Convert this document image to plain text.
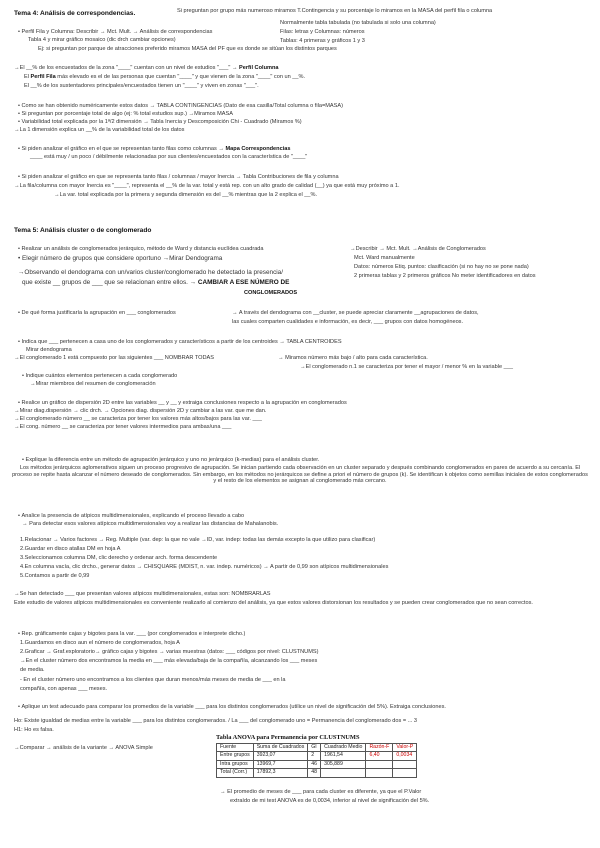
Tema 4: Análisis de correspondencias.	Si preguntan por grupo más numeroso miramos T.Contingencia y su porcentaje lo miramos en la MASA del perfil fila o columna
Normalmente tabla tabulada (no tabulada si solo una columna)
Filas: letras y Columnas: números
Tablas: 4 primeras y gráficos 1 y 3
• Perfil Fila y Columna: Describir → Mct. Mult. → Análisis de correspondencias
Tabla 4 y mirar gráfico mosaico (dic drch cambiar opciones)
Ej: si preguntan por parque de atracciones preferido miramos MASA del PF que es donde se sitúan los distintos parques
→El __% de los encuestados de la zona "____" cuentan con un nivel de estudios "___" → Perfil Columna
El Perfil Fila más elevado es el de las personas que cuentan "____" y que vienen de la zona "____" con un __%.
El __% de los sustentadores principales/encuestados tienen un "____" y viven en zonas "___".
• Como se han obtenido numéricamente estos datos → TABLA CONTINGENCIAS (Dato de esa casilla/Total columna o fila=MASA)
• Si preguntan por porcentaje total de algo (ej: % total estudios sup.) →Miramos MASA
• Variabilidad total explicada por la 1ª/2 dimensión → Tabla Inercia y Descomposición Chi - Cuadrado (Miramos %)
→La 1 dimensión explica un __% de la variabilidad total de los datos
• Si piden analizar el gráfico en el que se representan tanto filas como columnas → Mapa Correspondencias
____ está muy / un poco / débilmente relacionadas por sus clientes/encuestados con la característica de "____"
• Si piden analizar el gráfico en que se representa tanto filas / columnas / mayor Inercia → Tabla Contribuciones de fila y columna
→La fila/columna con mayor Inercia es "____", representa el __% de la var. total y está rep. con un alto grado de calidad (__) ya que está muy próximo a 1.
→La var. total explicada por la primera y segunda dimensión es del __% mientras que la 2 explica el __%.
Tema 5: Análisis cluster o de conglomerado
• Realizar un análisis de conglomerados jerárquico, método de Ward y distancia euclídea cuadrada	→Describir → Mct. Mult. →Análisis de Conglomerados
Mct. Ward manualmente
Datos: números Etiq. puntos: clasificación (si no hay no se pone nada)
2 primeras tablas y 2 primeros gráficos No meter identificadores en datos
• Elegir número de grupos que considere oportuno →Mirar Dendograma
→Observando el dendograma con un/varios cluster/conglomerado he detectado la presencia/
que existe __ grupos de ___ que se relacionan entre ellos. → CAMBIAR A ESE NÚMERO DE
CONGLOMERADOS
• De qué forma justificaría la agrupación en ___ conglomerados	→ A través del dendograma con __cluster, se puede apreciar claramente __agrupaciones de datos,
las cuales comparten cualidades e información, es decir, ___ grupos con datos homogéneos.
• Indica que ___ pertenecen a casa uno de los conglomerados y característicos a partir de los centroides → TABLA CENTROIDES
Mirar dendograma
→El conglomerado 1 está compuesto por las siguientes ___ NOMBRAR TODAS	→ Miramos número más bajo / alto para cada característica.
→El conglomerado n.1 se caracteriza por tener el mayor / menor % en la variable ___
• Indique cuántos elementos pertenecen a cada conglomerado
→Mirar miembros del resumen de conglomeración
• Realice un gráfico de dispersión 2D entre las variables __ y __ y extraiga conclusiones respecto a la agrupación en conglomerados
→Mirar diag.dispersión → clic drch. → Opciones diag. dispersión 2D y cambiar a las var. que me dan.
→El conglomerado número __ se caracteriza por tener los valores más altos/bajos para las var. ___
→El cong. número __ se caracteriza por tener valores intermedios para ambas/una ___
• Explique la diferencia entre un método de agrupación jerárquico y uno no jerárquico (k-medias) para el análisis cluster.
Los métodos jerárquicos aglomerativos siguen un proceso progresivo de agrupación. Se inician partiendo cada observación en un cluster separado y después combinando conglomerados en pares de acuerdo a su cercanía. El proceso se repite hasta alcanzar el número deseado de conglomerados. Sin embargo, en los métodos no jerárquicos se define a priori el número de grupos (k). Se identifican k objetos como semillas iniciales de estos conglomerados y el resto de los elementos se asignan al conglomerado más cercano.
• Analice la presencia de atípicos multidimensionales, explicando el proceso llevado a cabo
→ Para detectar esos valores atípicos multidimensionales voy a realizar las distancias de Mahalanobis.
1.Relacionar → Varios factores → Reg. Multiple (var. dep: la que no vale →ID, var. indep: todas las demás excepto la que utilizo para clasificar)
2.Guardar en disco atallas DM en hoja A
3.Seleccionamos columna DM, clic derecho y ordenar arch. forma descendente
4.En columna vacía, clic drcho., generar datos → CHISQUARE (MDIST, n. var. indep. numéricos) → A partir de 0,99 son atípicos multidimensionales
5.Contamos a partir de 0,99
→Se han detectado ___ que presentan valores atípicos multidimensionales, estas son: NOMBRARLAS
Este estudio de valores atípicos multidimensionales es conveniente realizarlo al comienzo del análisis, ya que estos valores distorsionan los resultados y se pueden crear conglomerados que no sean correctos.
• Rep. gráficamente cajas y bigotes para la var. ___ (por conglomerados e interprete dicho.)
1.Guardamos en disco aun el número de conglomerados, hoja A
2.Graficar → Graf.exploratorio→ gráfico cajas y bigotes → varias muestras (datos: ___ códigos por nivel: CLUSTNUMS)
→En el cluster número dos encontramos la media en ___ más elevada/baja de la compañía, alcanzando los ___ meses
de media.
- En el cluster número uno encontramos a los clientes que duran menos/más meses de media de ___ en la
compañía, con apenas ___ meses.
• Aplique un test adecuado para comparar los promedios de la variable ___ para los distintos conglomerados (utilice un nivel de significación del 5%). Extraiga conclusiones.
Ho: Existe igualdad de medias entre la variable ___ para los distintos conglomerados. / La ___ del conglomerado uno = Permanencia del conglomerado dos = ... 3
H1: Ho es falsa.
→Comparar → análisis de la variante → ANOVA Simple
Tabla ANOVA para Permanencia por CLUSTNUMS
Fuente	Suma de Cuadrados	Gl	Cuadrado Medio	Razón-F	Valor-P
Entre grupos	3923,07	2	1961,54	6,40	0,0034
Intra grupos	13969,7	46	305,889		
Total (Corr.)	17892,3	48			
→ El promedio de meses de ___ para cada cluster es diferente, ya que el P.Valor
extraído de mi test ANOVA es de 0,0034, inferior al nivel de significación del 5%.
